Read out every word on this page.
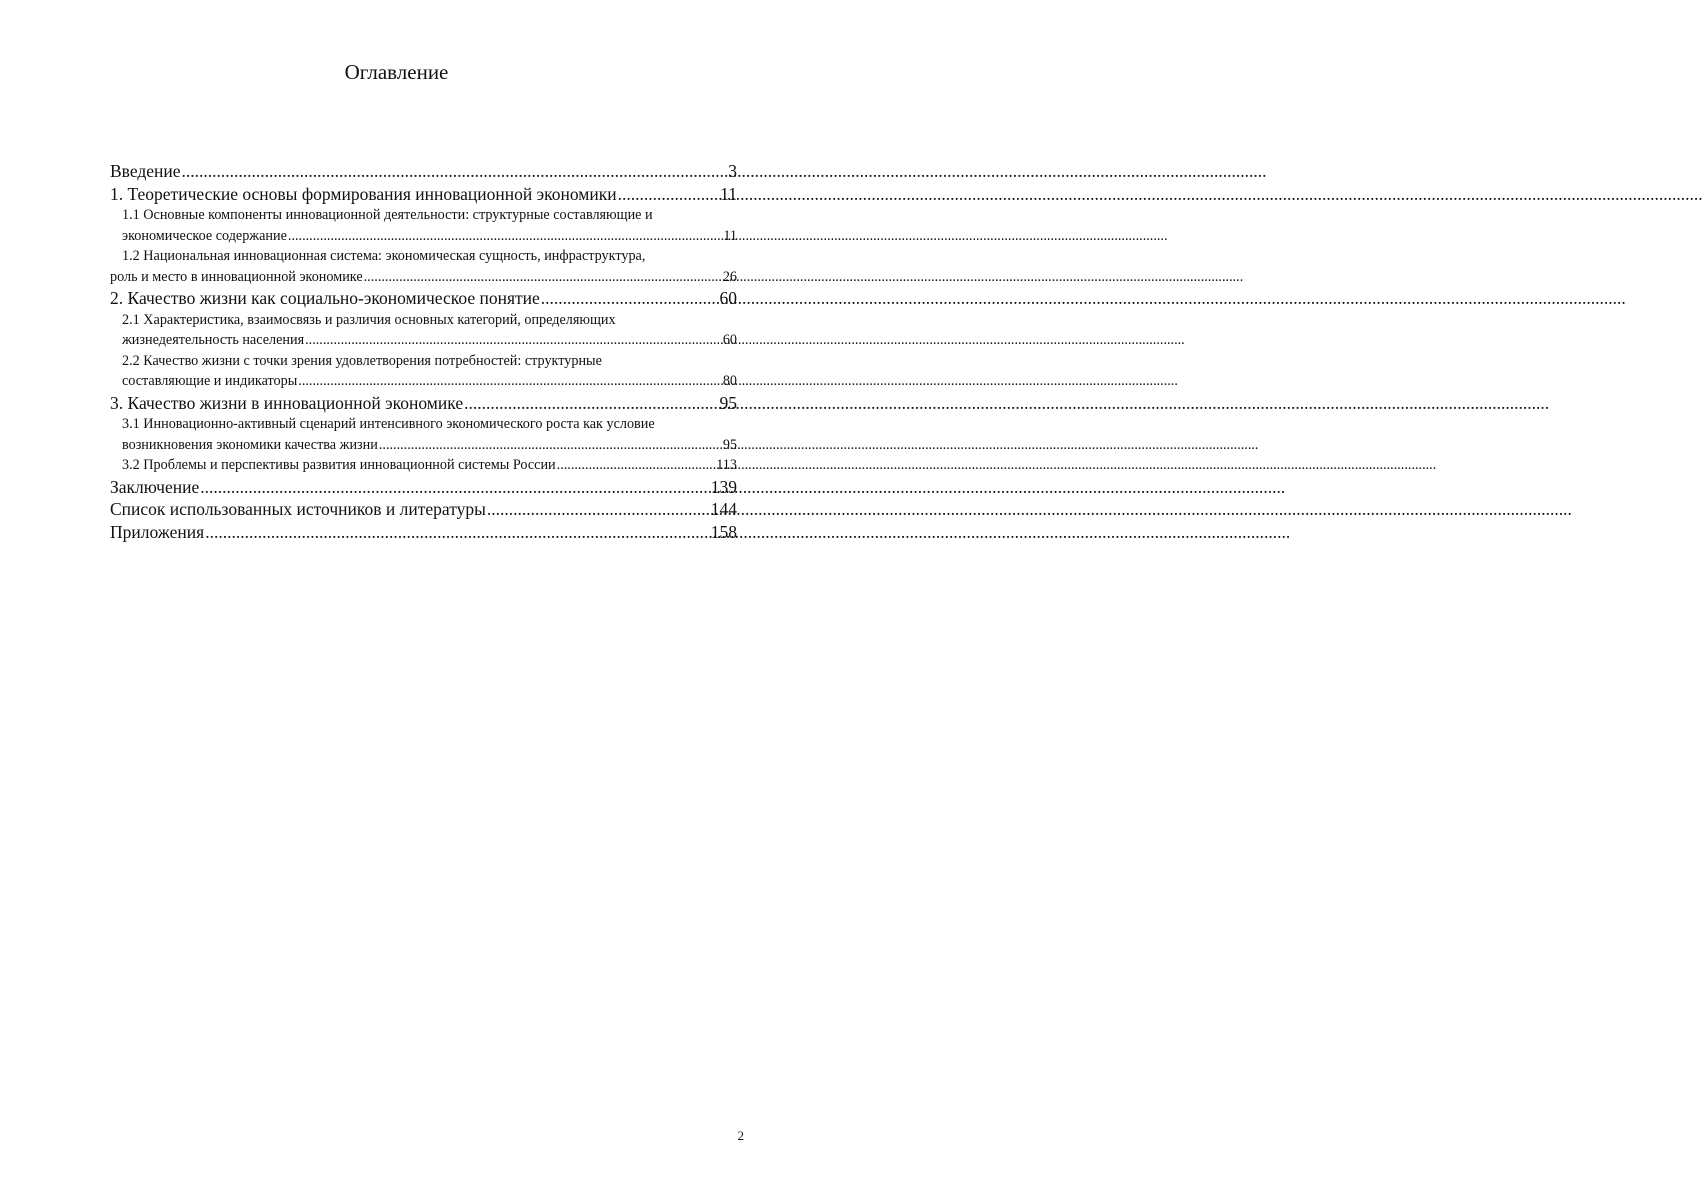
Оглавление
Введение .....	3
1. Теоретические основы формирования инновационной экономики .....	11
1.1 Основные компоненты инновационной деятельности: структурные составляющие и
экономическое содержание .....	11
1.2 Национальная инновационная система: экономическая сущность, инфраструктура,
роль и место в инновационной экономике .....	26
2. Качество жизни как социально-экономическое понятие .....	60
2.1 Характеристика, взаимосвязь и различия основных категорий, определяющих
жизнедеятельность населения .....	60
2.2 Качество жизни с точки зрения удовлетворения потребностей: структурные
составляющие и индикаторы .....	80
3. Качество жизни в инновационной экономике .....	95
3.1 Инновационно-активный сценарий интенсивного экономического роста как условие
возникновения экономики качества жизни .....	95
3.2 Проблемы и перспективы развития инновационной системы России .....	113
Заключение .....	139
Список использованных источников и литературы .....	144
Приложения .....	158
2
